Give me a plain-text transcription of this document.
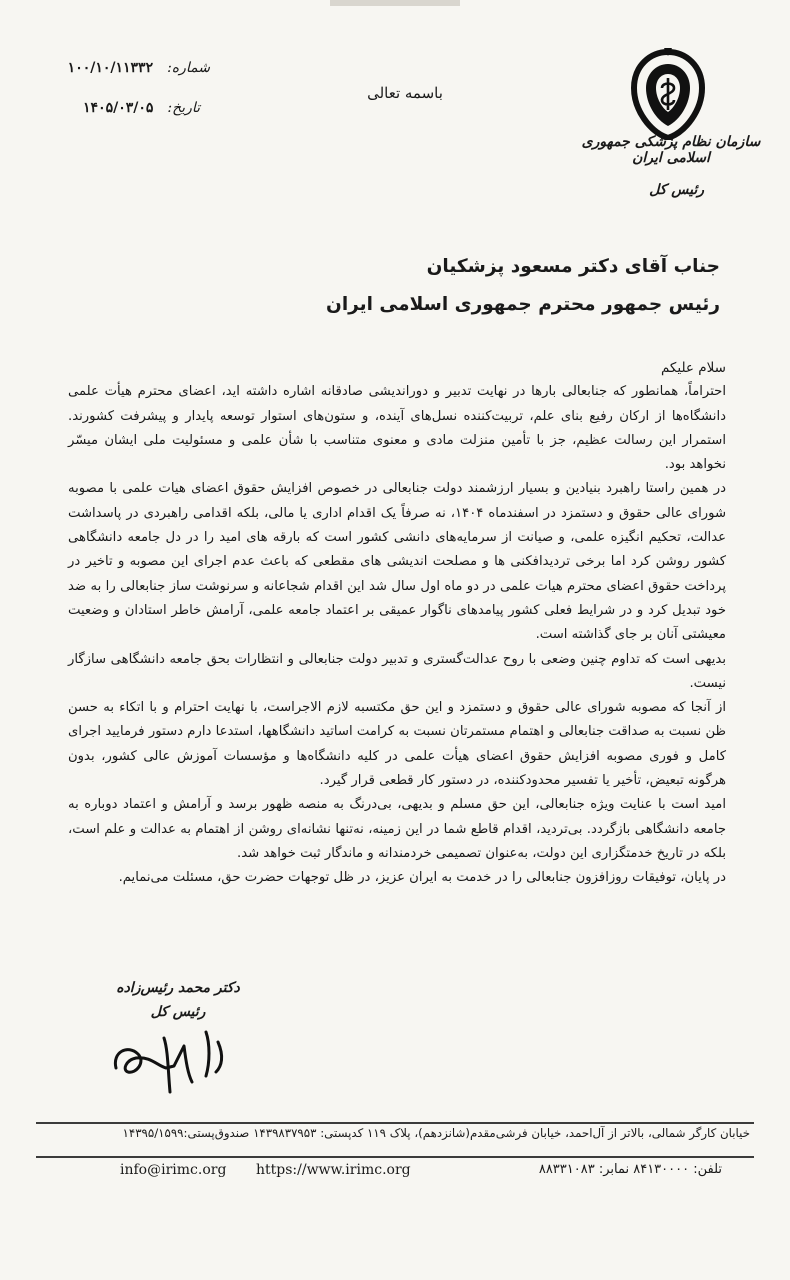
سازمان نظام پزشکی جمهوری اسلامی ایران
رئیس کل
باسمه تعالی
شماره:
۱۰۰/۱۰/۱۱۳۳۲
تاریخ:
۱۴۰۵/۰۳/۰۵
جناب آقای دکتر مسعود پزشکیان
رئیس جمهور محترم جمهوری اسلامی ایران

سلام علیکم

احتراماً، همانطور که جنابعالی بارها در نهایت تدبیر و دوراندیشی صادقانه اشاره داشته اید، اعضای محترم هیأت علمی دانشگاه‌ها از ارکان رفیع بنای علم، تربیت‌کننده نسل‌های آینده، و ستون‌های استوار توسعه پایدار و پیشرفت کشورند. استمرار این رسالت عظیم، جز با تأمین منزلت مادی و معنوی متناسب با شأن علمی و مسئولیت ملی ایشان میسّر نخواهد بود.

در همین راستا راهبرد بنیادین و بسیار ارزشمند دولت جنابعالی در خصوص افزایش حقوق اعضای هیات علمی با مصوبه شورای عالی حقوق و دستمزد در اسفندماه ۱۴۰۴، نه صرفاً یک اقدام اداری یا مالی، بلکه اقدامی راهبردی در پاسداشت عدالت، تحکیم انگیزه علمی، و صیانت از سرمایه‌های دانشی کشور است که بارقه های امید را در دل جامعه دانشگاهی کشور روشن کرد اما برخی تردیدافکنی ها و مصلحت اندیشی های مقطعی که باعث عدم اجرای این مصوبه و تاخیر در پرداخت حقوق اعضای محترم هیات علمی در دو ماه اول سال شد این اقدام شجاعانه و سرنوشت ساز جنابعالی را به ضد خود تبدیل کرد و در شرایط فعلی کشور پیامدهای ناگوار عمیقی بر اعتماد جامعه علمی، آرامش خاطر استادان و وضعیت معیشتی آنان بر جای گذاشته است.

بدیهی است که تداوم چنین وضعی با روح عدالت‌گستری و تدبیر دولت جنابعالی و انتظارات بحق جامعه دانشگاهی سازگار نیست.

از آنجا که مصوبه شورای عالی حقوق و دستمزد و این حق مکتسبه لازم الاجراست، با نهایت احترام و با اتکاء به حسن ظن نسبت به صداقت جنابعالی و اهتمام مستمرتان نسبت به کرامت اساتید دانشگاهها، استدعا دارم دستور فرمایید اجرای کامل و فوری مصوبه افزایش حقوق اعضای هیأت علمی در کلیه دانشگاه‌ها و مؤسسات آموزش عالی کشور، بدون هرگونه تبعیض، تأخیر یا تفسیر محدودکننده، در دستور کار قطعی قرار گیرد.

امید است با عنایت ویژه جنابعالی، این حق مسلم و بدیهی، بی‌درنگ به منصه ظهور برسد و آرامش و اعتماد دوباره به جامعه دانشگاهی بازگردد. بی‌تردید، اقدام قاطع شما در این زمینه، نه‌تنها نشانه‌ای روشن از اهتمام به عدالت و علم است، بلکه در تاریخ خدمتگزاری این دولت، به‌عنوان تصمیمی خردمندانه و ماندگار ثبت خواهد شد.

در پایان، توفیقات روزافزون جنابعالی را در خدمت به ایران عزیز، در ظل توجهات حضرت حق، مسئلت می‌نمایم.

دکتر محمد رئیس‌زاده
رئیس کل
خیابان کارگر شمالی، بالاتر از آل‌احمد، خیابان فرشی‌مقدم(شانزدهم)، پلاک ۱۱۹ کدپستی: ۱۴۳۹۸۳۷۹۵۳ صندوق‌پستی:۱۴۳۹۵/۱۵۹۹
تلفن: ۸۴۱۳۰۰۰۰ نمابر: ۸۸۳۳۱۰۸۳
https://www.irimc.org
info@irimc.org
